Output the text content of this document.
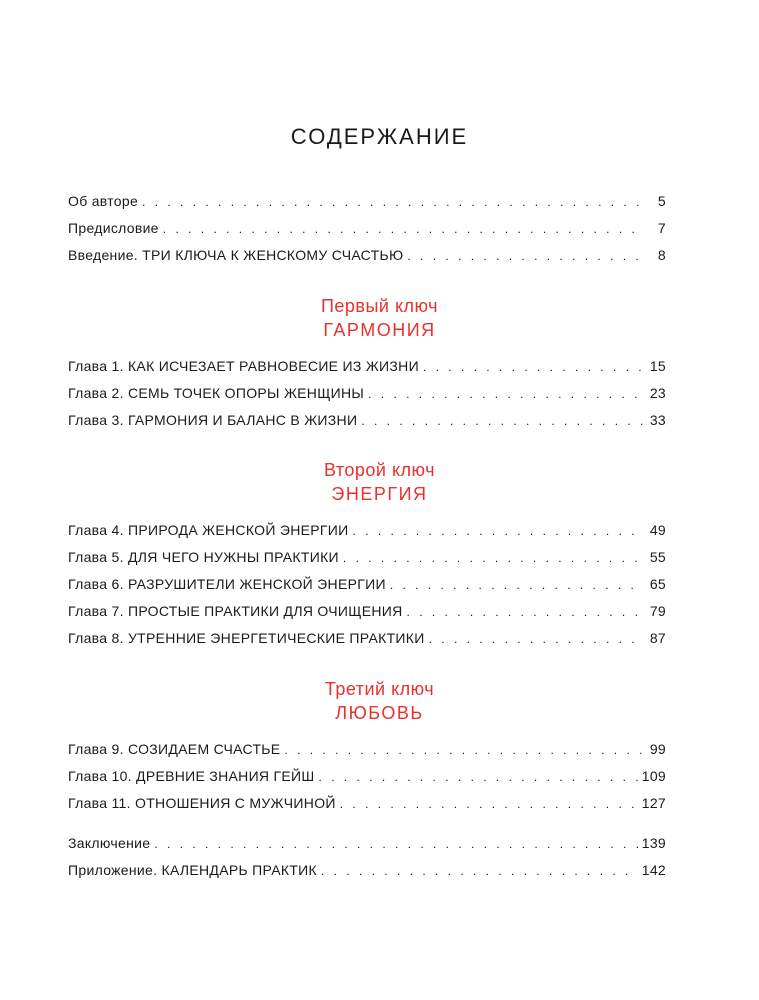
СОДЕРЖАНИЕ
Об авторе . . .	5
Предисловие . . .	7
Введение. ТРИ КЛЮЧА К ЖЕНСКОМУ СЧАСТЬЮ . . .	8
Первый ключ
ГАРМОНИЯ
Глава 1. КАК ИСЧЕЗАЕТ РАВНОВЕСИЕ ИЗ ЖИЗНИ . . .	15
Глава 2. СЕМЬ ТОЧЕК ОПОРЫ ЖЕНЩИНЫ . . .	23
Глава 3. ГАРМОНИЯ И БАЛАНС В ЖИЗНИ . . .	33
Второй ключ
ЭНЕРГИЯ
Глава 4. ПРИРОДА ЖЕНСКОЙ ЭНЕРГИИ . . .	49
Глава 5. ДЛЯ ЧЕГО НУЖНЫ ПРАКТИКИ . . .	55
Глава 6. РАЗРУШИТЕЛИ ЖЕНСКОЙ ЭНЕРГИИ . . .	65
Глава 7. ПРОСТЫЕ ПРАКТИКИ ДЛЯ ОЧИЩЕНИЯ . . .	79
Глава 8. УТРЕННИЕ ЭНЕРГЕТИЧЕСКИЕ ПРАКТИКИ . . .	87
Третий ключ
ЛЮБОВЬ
Глава 9. СОЗИДАЕМ СЧАСТЬЕ . . .	99
Глава 10. ДРЕВНИЕ ЗНАНИЯ ГЕЙШ . . .	109
Глава 11. ОТНОШЕНИЯ С МУЖЧИНОЙ . . .	127
Заключение . . .	139
Приложение. КАЛЕНДАРЬ ПРАКТИК . . .	142
